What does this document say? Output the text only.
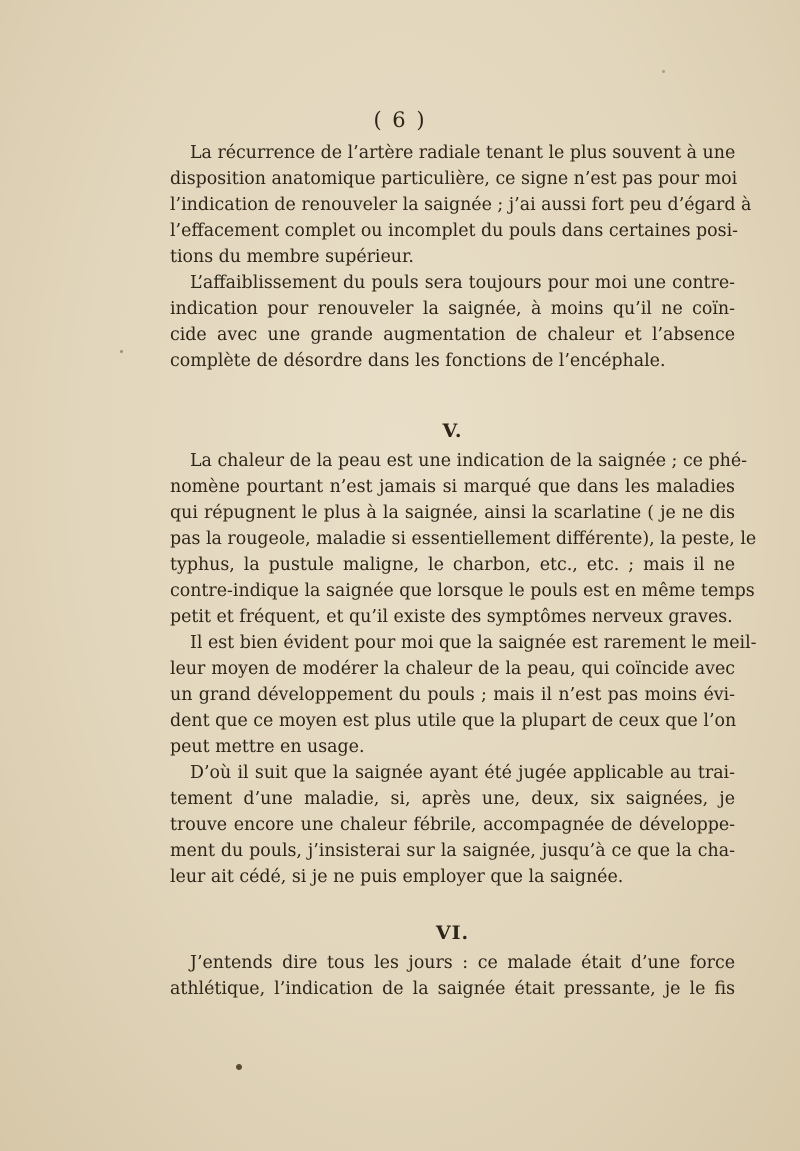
( 6 )
La récurrence de l’artère radiale tenant le plus souvent à une
disposition anatomique particulière, ce signe n’est pas pour moi
l’indication de renouveler la saignée ; j’ai aussi fort peu d’égard à
l’effacement complet ou incomplet du pouls dans certaines posi-
tions du membre supérieur.
L’affaiblissement du pouls sera toujours pour moi une contre-
indication pour renouveler la saignée, à moins qu’il ne coïn-
cide avec une grande augmentation de chaleur et l’absence
complète de désordre dans les fonctions de l’encéphale.
V.
La chaleur de la peau est une indication de la saignée ; ce phé-
nomène pourtant n’est jamais si marqué que dans les maladies
qui répugnent le plus à la saignée, ainsi la scarlatine ( je ne dis
pas la rougeole, maladie si essentiellement différente), la peste, le
typhus, la pustule maligne, le charbon, etc., etc. ; mais il ne
contre-indique la saignée que lorsque le pouls est en même temps
petit et fréquent, et qu’il existe des symptômes nerveux graves.
Il est bien évident pour moi que la saignée est rarement le meil-
leur moyen de modérer la chaleur de la peau, qui coïncide avec
un grand développement du pouls ; mais il n’est pas moins évi-
dent que ce moyen est plus utile que la plupart de ceux que l’on
peut mettre en usage.
D’où il suit que la saignée ayant été jugée applicable au trai-
tement d’une maladie, si, après une, deux, six saignées, je
trouve encore une chaleur fébrile, accompagnée de développe-
ment du pouls, j’insisterai sur la saignée, jusqu’à ce que la cha-
leur ait cédé, si je ne puis employer que la saignée.
VI.
J’entends dire tous les jours : ce malade était d’une force
athlétique, l’indication de la saignée était pressante, je le fis
